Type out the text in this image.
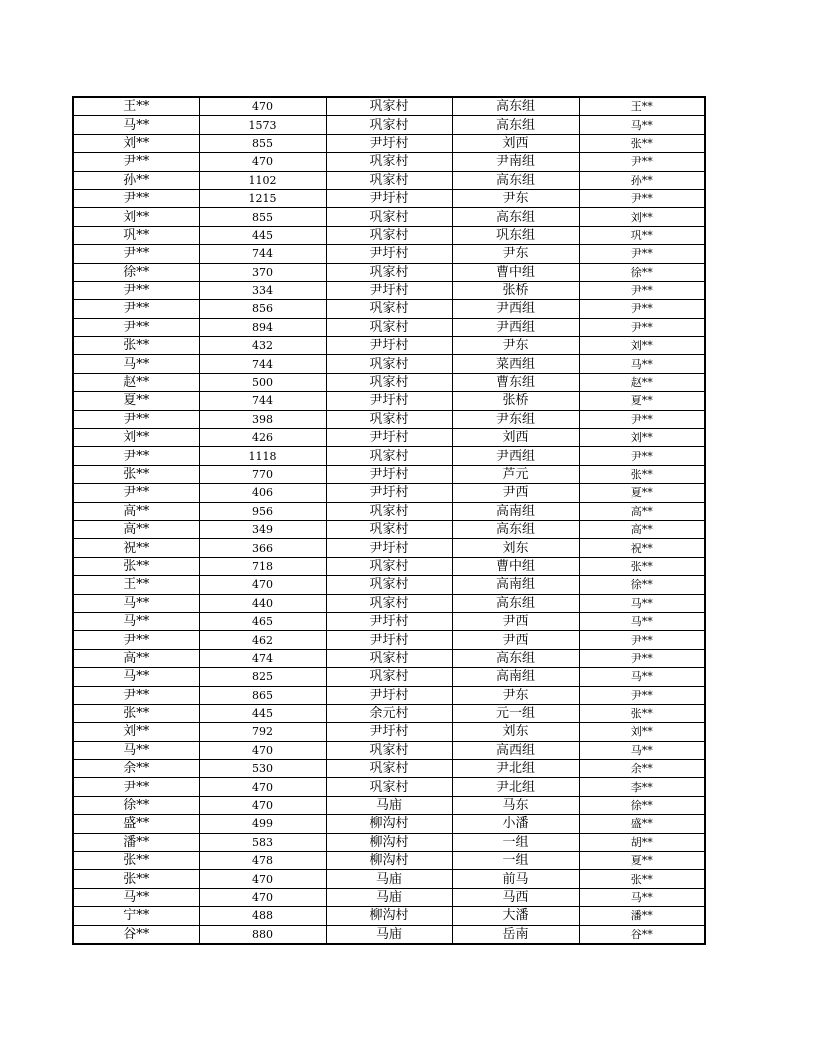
王**	470	巩家村	高东组	王**
马**	1573	巩家村	高东组	马**
刘**	855	尹圩村	刘西	张**
尹**	470	巩家村	尹南组	尹**
孙**	1102	巩家村	高东组	孙**
尹**	1215	尹圩村	尹东	尹**
刘**	855	巩家村	高东组	刘**
巩**	445	巩家村	巩东组	巩**
尹**	744	尹圩村	尹东	尹**
徐**	370	巩家村	曹中组	徐**
尹**	334	尹圩村	张桥	尹**
尹**	856	巩家村	尹西组	尹**
尹**	894	巩家村	尹西组	尹**
张**	432	尹圩村	尹东	刘**
马**	744	巩家村	菜西组	马**
赵**	500	巩家村	曹东组	赵**
夏**	744	尹圩村	张桥	夏**
尹**	398	巩家村	尹东组	尹**
刘**	426	尹圩村	刘西	刘**
尹**	1118	巩家村	尹西组	尹**
张**	770	尹圩村	芦元	张**
尹**	406	尹圩村	尹西	夏**
高**	956	巩家村	高南组	高**
高**	349	巩家村	高东组	高**
祝**	366	尹圩村	刘东	祝**
张**	718	巩家村	曹中组	张**
王**	470	巩家村	高南组	徐**
马**	440	巩家村	高东组	马**
马**	465	尹圩村	尹西	马**
尹**	462	尹圩村	尹西	尹**
高**	474	巩家村	高东组	尹**
马**	825	巩家村	高南组	马**
尹**	865	尹圩村	尹东	尹**
张**	445	余元村	元一组	张**
刘**	792	尹圩村	刘东	刘**
马**	470	巩家村	高西组	马**
余**	530	巩家村	尹北组	余**
尹**	470	巩家村	尹北组	李**
徐**	470	马庙	马东	徐**
盛**	499	柳沟村	小潘	盛**
潘**	583	柳沟村	一组	胡**
张**	478	柳沟村	一组	夏**
张**	470	马庙	前马	张**
马**	470	马庙	马西	马**
宁**	488	柳沟村	大潘	潘**
谷**	880	马庙	岳南	谷**
